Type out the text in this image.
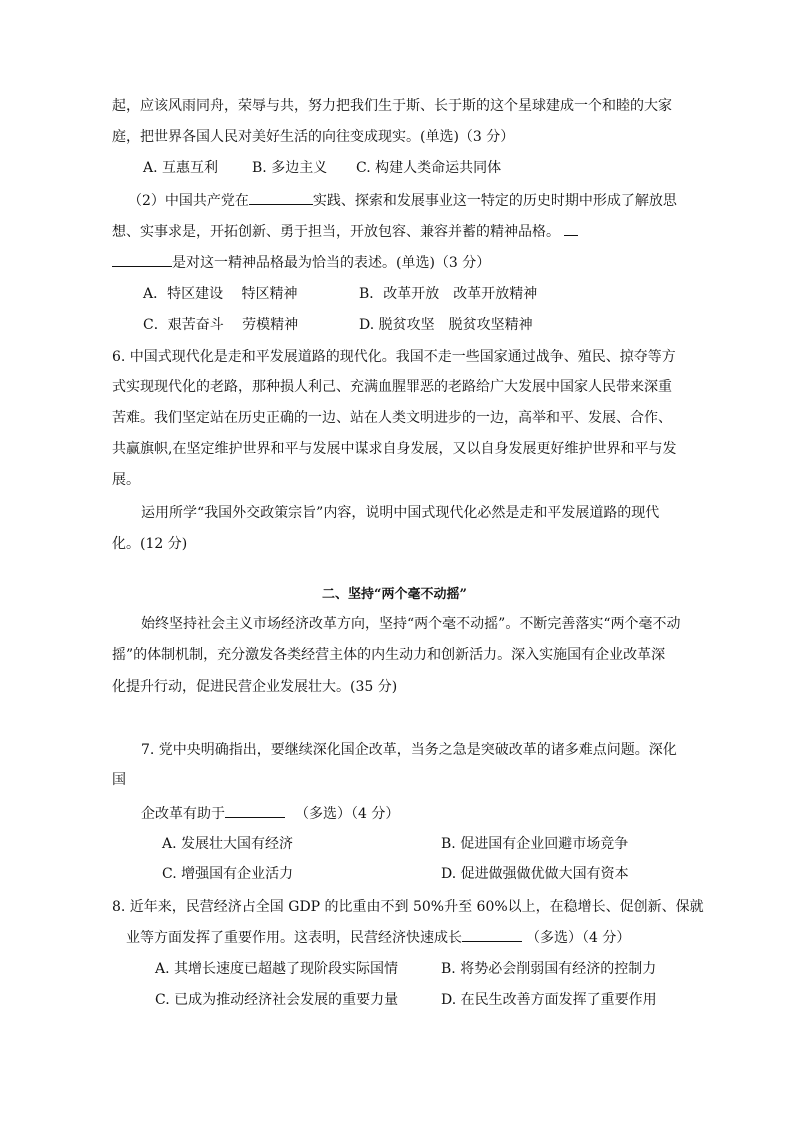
起，应该风雨同舟，荣辱与共，努力把我们生于斯、长于斯的这个星球建成一个和睦的大家
庭，把世界各国人民对美好生活的向往变成现实。(单选)（3 分）
A. 互惠互利 B. 多边主义 C. 构建人类命运共同体
（2）中国共产党在	实践、探索和发展事业这一特定的历史时期中形成了解放思
想、实事求是，开拓创新、勇于担当，开放包容、兼容并蓄的精神品格。
是对这一精神品格最为恰当的表述。(单选)（3 分）
A．特区建设　 特区精神	B．改革开放　改革开放精神
C．艰苦奋斗　 劳模精神	D. 脱贫攻坚　脱贫攻坚精神
6. 中国式现代化是走和平发展道路的现代化。我国不走一些国家通过战争、殖民、掠夺等方
式实现现代化的老路，那种损人利己、充满血腥罪恶的老路给广大发展中国家人民带来深重
苦难。我们坚定站在历史正确的一边、站在人类文明进步的一边，高举和平、发展、合作、
共赢旗帜,在坚定维护世界和平与发展中谋求自身发展，又以自身发展更好维护世界和平与发
展。
运用所学“我国外交政策宗旨”内容，说明中国式现代化必然是走和平发展道路的现代
化。(12 分)
二、坚持“两个毫不动摇”
始终坚持社会主义市场经济改革方向，坚持“两个毫不动摇”。不断完善落实“两个毫不动
摇”的体制机制，充分激发各类经营主体的内生动力和创新活力。深入实施国有企业改革深
化提升行动，促进民营企业发展壮大。(35 分)
7. 党中央明确指出，要继续深化国企改革，当务之急是突破改革的诸多难点问题。深化
国
企改革有助于	（多选）（4 分）
A. 发展壮大国有经济	B. 促进国有企业回避市场竞争
C. 增强国有企业活力	D. 促进做强做优做大国有资本
8. 近年来，民营经济占全国 GDP 的比重由不到 50%升至 60%以上，在稳增长、促创新、保就
业等方面发挥了重要作用。这表明，民营经济快速成长	（多选）（4 分）
A. 其增长速度已超越了现阶段实际国情	B. 将势必会削弱国有经济的控制力
C. 已成为推动经济社会发展的重要力量	D. 在民生改善方面发挥了重要作用
